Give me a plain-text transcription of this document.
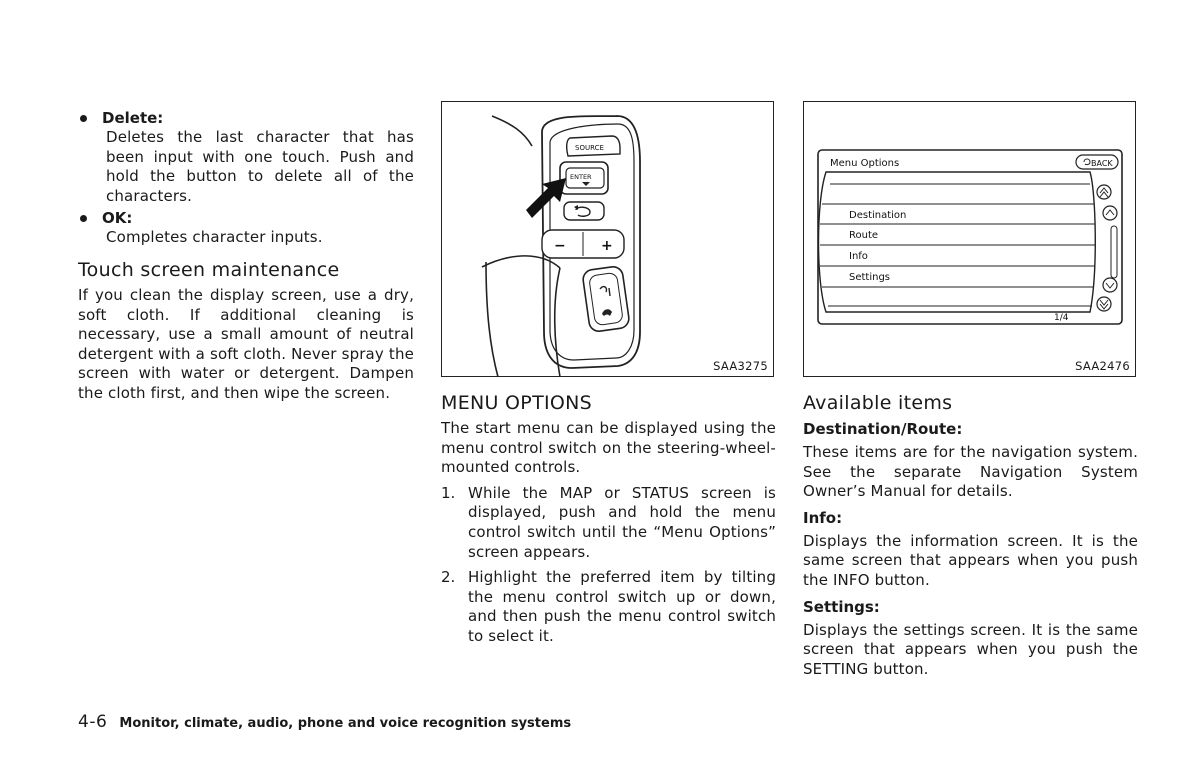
Delete:

Deletes the last character that has been input with one touch. Push and hold the button to delete all of the characters.

OK:

Completes character inputs.

Touch screen maintenance

If you clean the display screen, use a dry, soft cloth. If additional cleaning is necessary, use a small amount of neutral detergent with a soft cloth. Never spray the screen with water or detergent. Dampen the cloth first, and then wipe the screen.

SOURCE
ENTER
−	+
SAA3275
MENU OPTIONS

The start menu can be displayed using the menu control switch on the steering-wheel-mounted controls.

1. While the MAP or STATUS screen is displayed, push and hold the menu control switch until the “Menu Options” screen appears.

2. Highlight the preferred item by tilting the menu control switch up or down, and then push the menu control switch to select it.

Menu Options	BACK
Destination
Route
Info
Settings
1/4
SAA2476
Available items

Destination/Route:

These items are for the navigation system. See the separate Navigation System Owner’s Manual for details.

Info:

Displays the information screen. It is the same screen that appears when you push the INFO button.

Settings:

Displays the settings screen. It is the same screen that appears when you push the SETTING button.

4-6 Monitor, climate, audio, phone and voice recognition systems
